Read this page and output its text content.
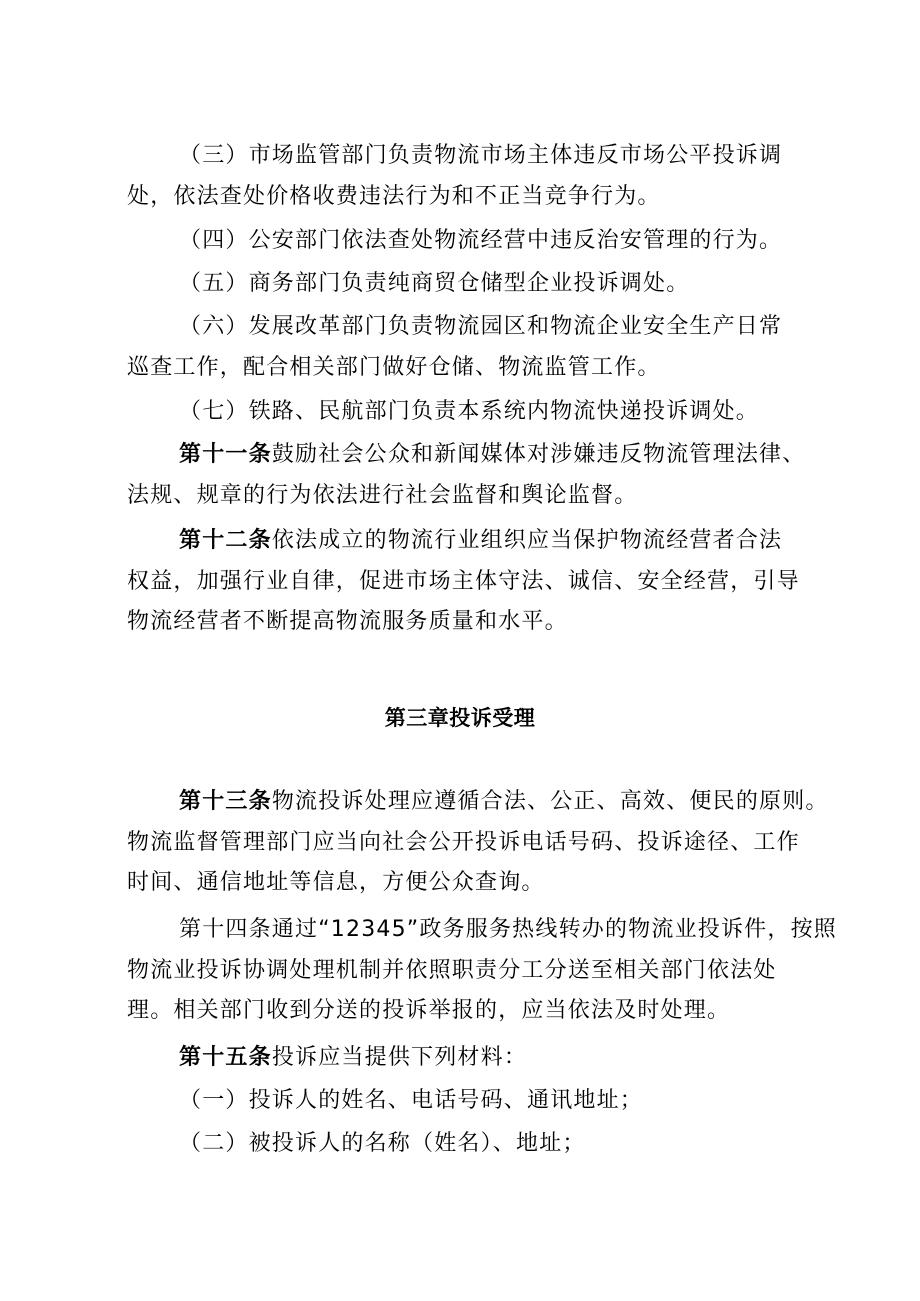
（三）市场监管部门负责物流市场主体违反市场公平投诉调
处，依法查处价格收费违法行为和不正当竞争行为。

（四）公安部门依法查处物流经营中违反治安管理的行为。

（五）商务部门负责纯商贸仓储型企业投诉调处。

（六）发展改革部门负责物流园区和物流企业安全生产日常
巡查工作，配合相关部门做好仓储、物流监管工作。

（七）铁路、民航部门负责本系统内物流快递投诉调处。

第十一条鼓励社会公众和新闻媒体对涉嫌违反物流管理法律、
法规、规章的行为依法进行社会监督和舆论监督。

第十二条依法成立的物流行业组织应当保护物流经营者合法
权益，加强行业自律，促进市场主体守法、诚信、安全经营，引导
物流经营者不断提高物流服务质量和水平。

第三章投诉受理

第十三条物流投诉处理应遵循合法、公正、高效、便民的原则。
物流监督管理部门应当向社会公开投诉电话号码、投诉途径、工作
时间、通信地址等信息，方便公众查询。

第十四条通过“12345”政务服务热线转办的物流业投诉件，按照
物流业投诉协调处理机制并依照职责分工分送至相关部门依法处
理。相关部门收到分送的投诉举报的，应当依法及时处理。

第十五条投诉应当提供下列材料：

（一）投诉人的姓名、电话号码、通讯地址；

（二）被投诉人的名称（姓名）、地址；
